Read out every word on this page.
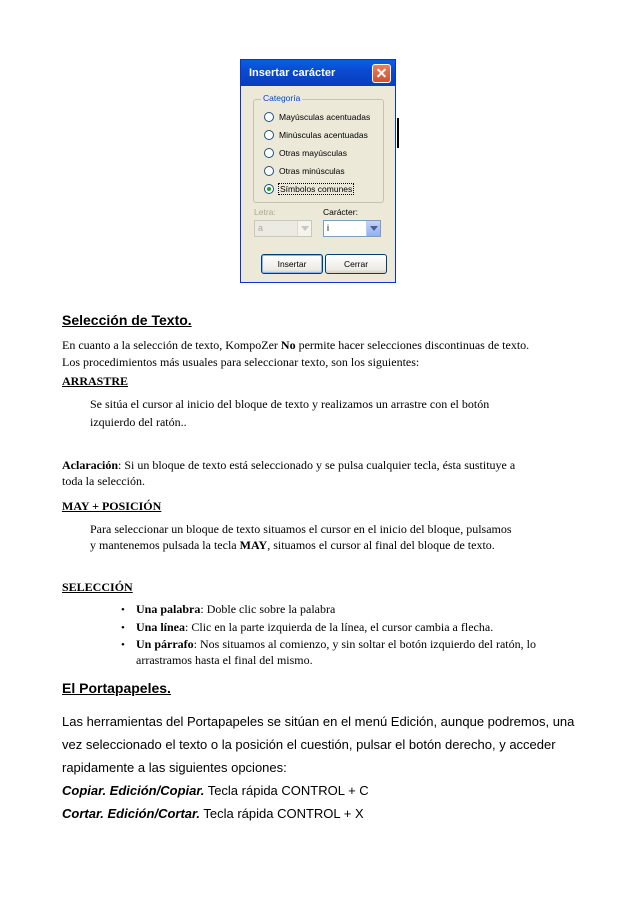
Insertar carácter
Categoría
Mayúsculas acentuadas
Minúsculas acentuadas
Otras mayúsculas
Otras minúsculas
Símbolos comunes
Letra:	Carácter:
a	i
Insertar	Cerrar
Selección de Texto.
En cuanto a la selección de texto, KompoZer No permite hacer selecciones discontinuas de texto.
Los procedimientos más usuales para seleccionar texto, son los siguientes:
ARRASTRE
Se sitúa el cursor al inicio del bloque de texto y realizamos un arrastre con el botón
izquierdo del ratón..
Aclaración: Si un bloque de texto está seleccionado y se pulsa cualquier tecla, ésta sustituye a
toda la selección.
MAY + POSICIÓN
Para seleccionar un bloque de texto situamos el cursor en el inicio del bloque, pulsamos
y mantenemos pulsada la tecla MAY, situamos el cursor al final del bloque de texto.
SELECCIÓN
• Una palabra: Doble clic sobre la palabra
• Una línea: Clic en la parte izquierda de la línea, el cursor cambia a flecha.
• Un párrafo: Nos situamos al comienzo, y sin soltar el botón izquierdo del ratón, lo
arrastramos hasta el final del mismo.
El Portapapeles.
Las herramientas del Portapapeles se sitúan en el menú Edición, aunque podremos, una
vez seleccionado el texto o la posición el cuestión, pulsar el botón derecho, y acceder
rapidamente a las siguientes opciones:
Copiar. Edición/Copiar. Tecla rápida CONTROL + C
Cortar. Edición/Cortar. Tecla rápida CONTROL + X
